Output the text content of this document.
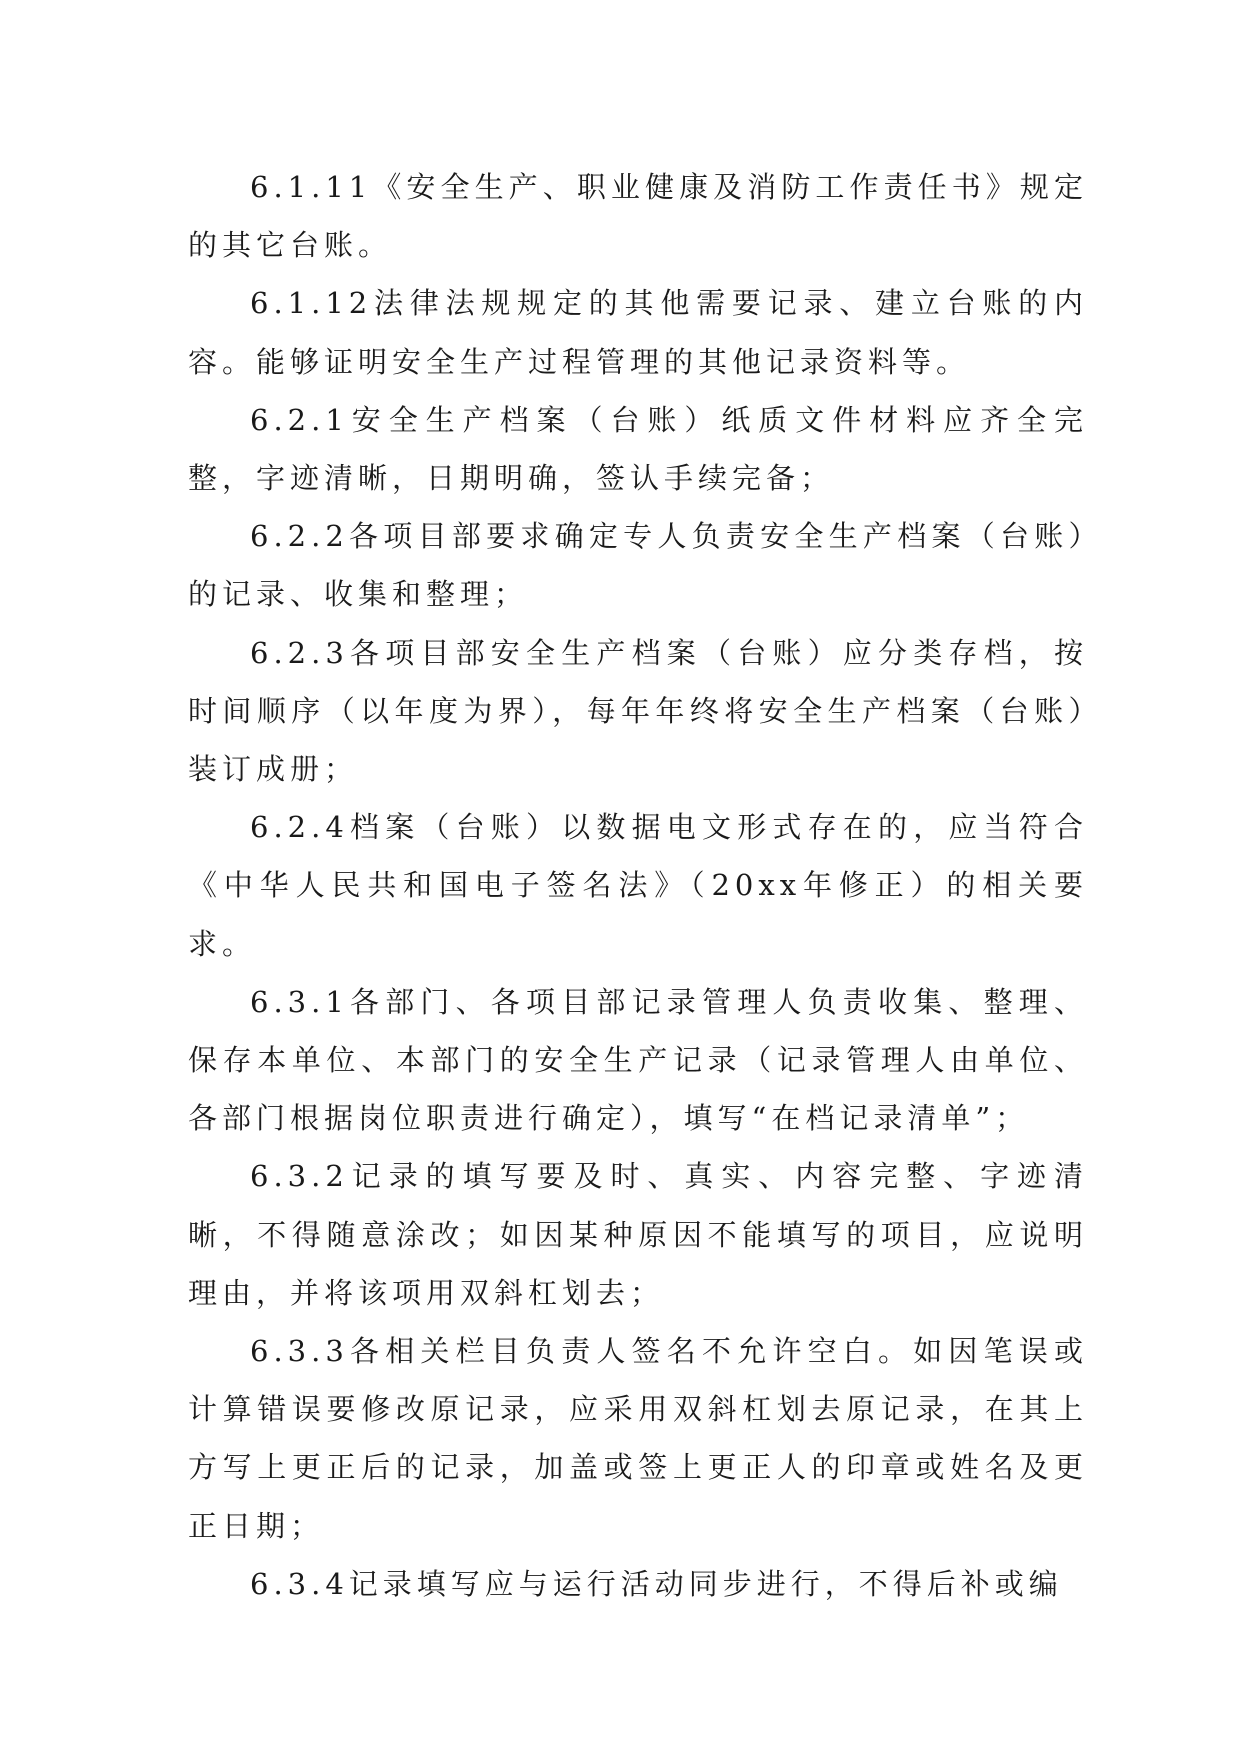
6.1.11《安全生产、职业健康及消防工作责任书》规定的其它台账。

6.1.12法律法规规定的其他需要记录、建立台账的内容。能够证明安全生产过程管理的其他记录资料等。

6.2.1安全生产档案（台账）纸质文件材料应齐全完整，字迹清晰，日期明确，签认手续完备；

6.2.2各项目部要求确定专人负责安全生产档案（台账）的记录、收集和整理；

6.2.3各项目部安全生产档案（台账）应分类存档，按时间顺序（以年度为界），每年年终将安全生产档案（台账）装订成册；

6.2.4档案（台账）以数据电文形式存在的，应当符合《中华人民共和国电子签名法》（20xx年修正）的相关要求。

6.3.1各部门、各项目部记录管理人负责收集、整理、保存本单位、本部门的安全生产记录（记录管理人由单位、各部门根据岗位职责进行确定），填写“在档记录清单”；

6.3.2记录的填写要及时、真实、内容完整、字迹清晰，不得随意涂改；如因某种原因不能填写的项目，应说明理由，并将该项用双斜杠划去；

6.3.3各相关栏目负责人签名不允许空白。如因笔误或计算错误要修改原记录，应采用双斜杠划去原记录，在其上方写上更正后的记录，加盖或签上更正人的印章或姓名及更正日期；

6.3.4记录填写应与运行活动同步进行，不得后补或编
